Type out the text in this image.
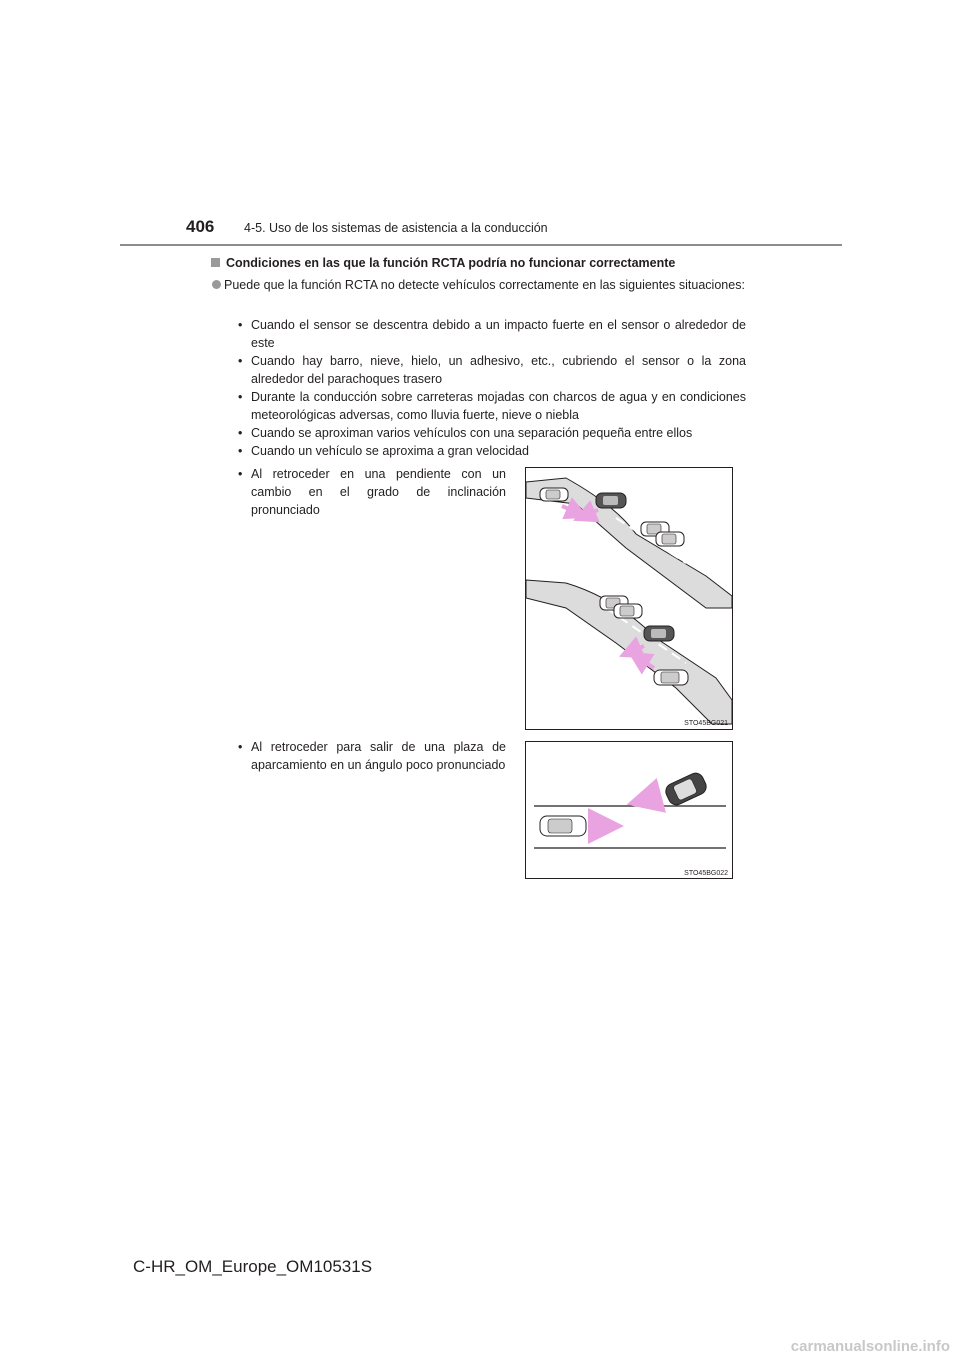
406 4-5. Uso de los sistemas de asistencia a la conducción
Condiciones en las que la función RCTA podría no funcionar correctamente
Puede que la función RCTA no detecte vehículos correctamente en las siguientes situaciones:
• Cuando el sensor se descentra debido a un impacto fuerte en el sensor o alrededor de este
• Cuando hay barro, nieve, hielo, un adhesivo, etc., cubriendo el sensor o la zona alrededor del parachoques trasero
• Durante la conducción sobre carreteras mojadas con charcos de agua y en condiciones meteorológicas adversas, como lluvia fuerte, nieve o niebla
• Cuando se aproximan varios vehículos con una separación pequeña entre ellos
• Cuando un vehículo se aproxima a gran velocidad
• Al retroceder en una pendiente con un cambio en el grado de inclinación pronunciado
• Al retroceder para salir de una plaza de aparcamiento en un ángulo poco pronunciado
STO45BG021
STO45BG022
C-HR_OM_Europe_OM10531S
carmanualsonline.info
